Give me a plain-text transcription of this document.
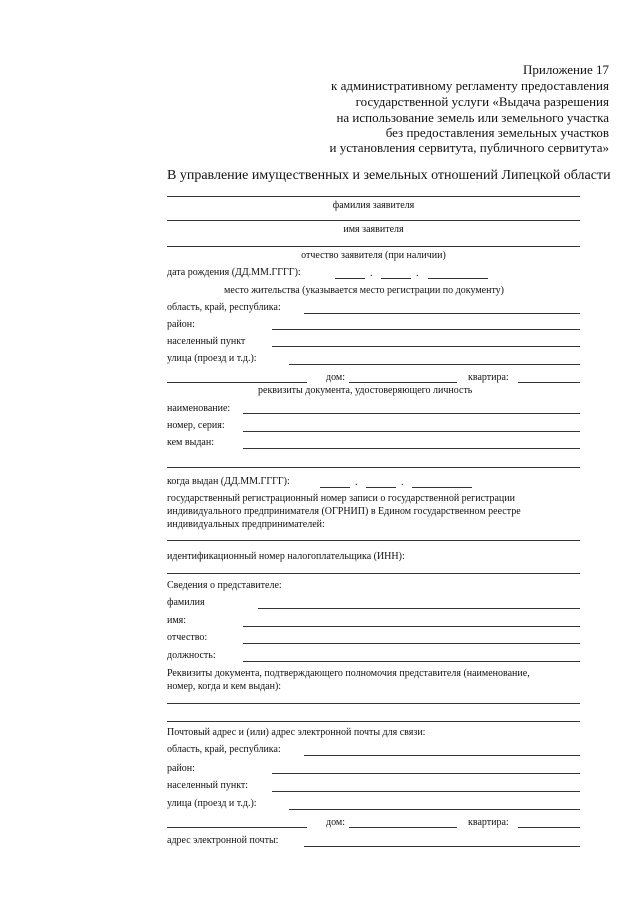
Приложение 17
к административному регламенту предоставления
государственной услуги «Выдача разрешения
на использование земель или земельного участка
без предоставления земельных участков
и установления сервитута, публичного сервитута»
В управление имущественных и земельных отношений Липецкой области
фамилия заявителя
имя заявителя
отчество заявителя (при наличии)
дата рождения (ДД.ММ.ГГГГ):	.	.
место жительства (указывается место регистрации по документу)
область, край, республика:
район:
населенный пункт
улица (проезд и т.д.):
дом:	квартира:
реквизиты документа, удостоверяющего личность
наименование:
номер, серия:
кем выдан:
когда выдан (ДД.ММ.ГГГГ):	.	.
государственный регистрационный номер записи о государственной регистрации
индивидуального предпринимателя (ОГРНИП) в Едином государственном реестре
индивидуальных предпринимателей:
идентификационный номер налогоплательщика (ИНН):
Сведения о представителе:
фамилия
имя:
отчество:
должность:
Реквизиты документа, подтверждающего полномочия представителя (наименование,
номер, когда и кем выдан):
Почтовый адрес и (или) адрес электронной почты для связи:
область, край, республика:
район:
населенный пункт:
улица (проезд и т.д.):
дом:	квартира:
адрес электронной почты:
